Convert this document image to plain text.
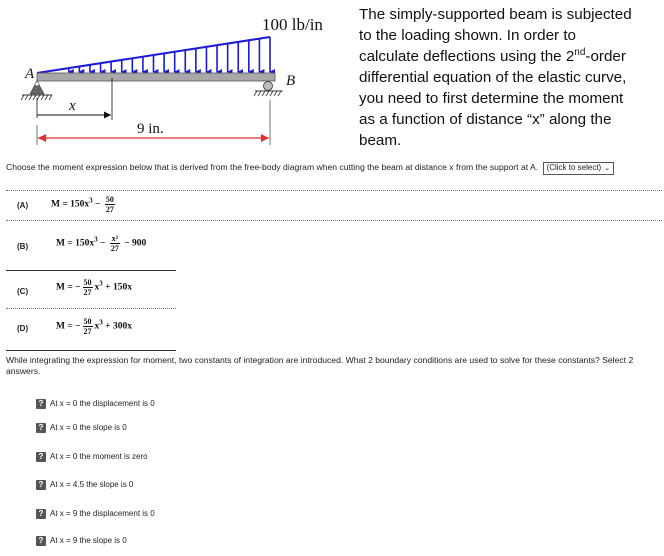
100 lb/in
A	B
x
9 in.
The simply-supported beam is subjected
to the loading shown. In order to
calculate deflections using the 2nd-order
differential equation of the elastic curve,
you need to first determine the moment
as a function of distance “x” along the
beam.
Choose the moment expression below that is derived from the free-body diagram when cutting the beam at distance x from the support at A. (Click to select) ⌄
(A) $M = 150x^3 - \frac{50}{27}$
(B)	$M = 150x^3 - \frac{\text{x²}}{27} - 900$
(C)	M = − $\frac{50}{27} x^3 + 150x$
(D)	M = − $\frac{50}{27} x^3 + 300x$
While integrating the expression for moment, two constants of integration are introduced. What 2 boundary conditions are used to solve for these constants? Select 2 answers.
? At x = 0 the displacement is 0
? At x = 0 the slope is 0
? At x = 0 the moment is zero
? At x = 4.5 the slope is 0
? At x = 9 the displacement is 0
? At x = 9 the slope is 0
